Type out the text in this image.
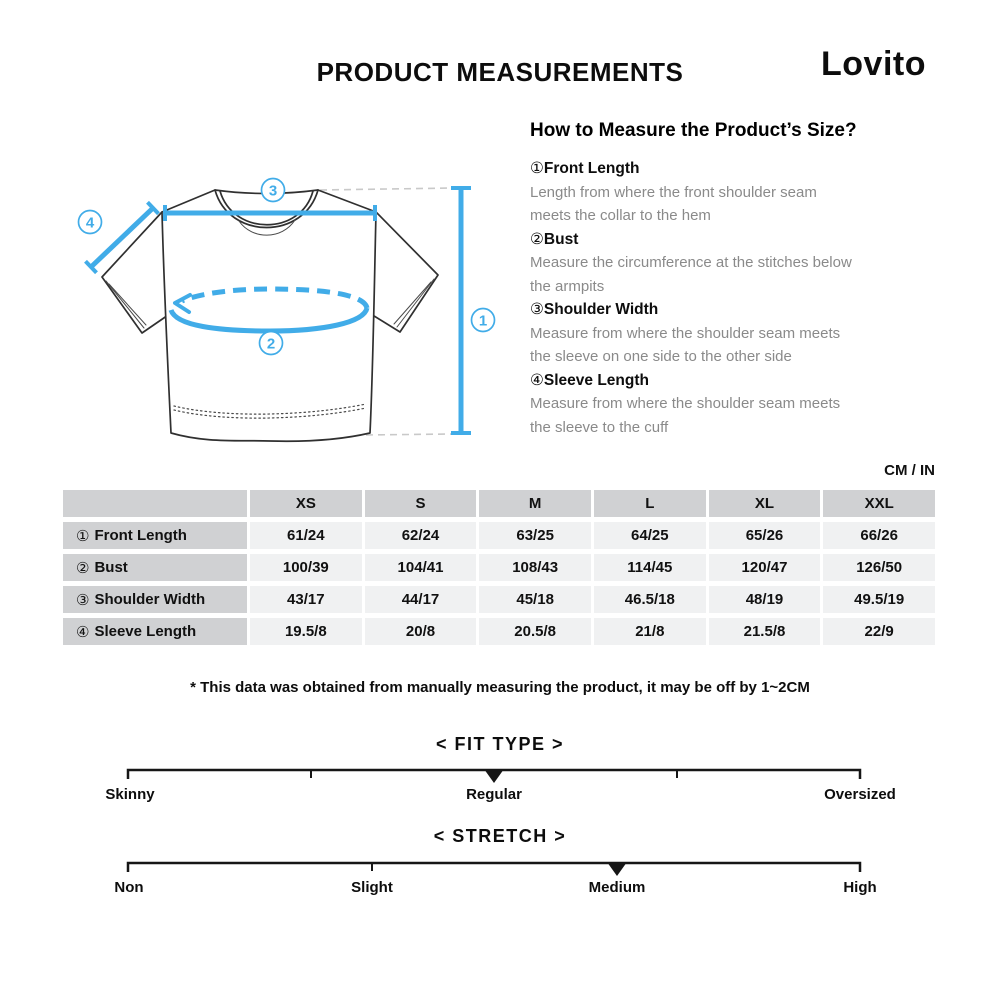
PRODUCT MEASUREMENTS	Lovito
1
2
3
4
How to Measure the Product’s Size?
①Front Length
Length from where the front shoulder seam
meets the collar to the hem
②Bust
Measure the circumference at the stitches below
the armpits
③Shoulder Width
Measure from where the shoulder seam meets
the sleeve on one side to the other side
④Sleeve Length
Measure from where the shoulder seam meets
the sleeve to the cuff
CM / IN
XS	S	M	L	XL	XXL
① Front Length	61/24	62/24	63/25	64/25	65/26	66/26
② Bust	100/39	104/41	108/43	114/45	120/47	126/50
③ Shoulder Width	43/17	44/17	45/18	46.5/18	48/19	49.5/19
④ Sleeve Length	19.5/8	20/8	20.5/8	21/8	21.5/8	22/9
* This data was obtained from manually measuring the product, it may be off by 1~2CM
< FIT TYPE >
Skinny	Regular	Oversized
< STRETCH >
Non	Slight	Medium	High
